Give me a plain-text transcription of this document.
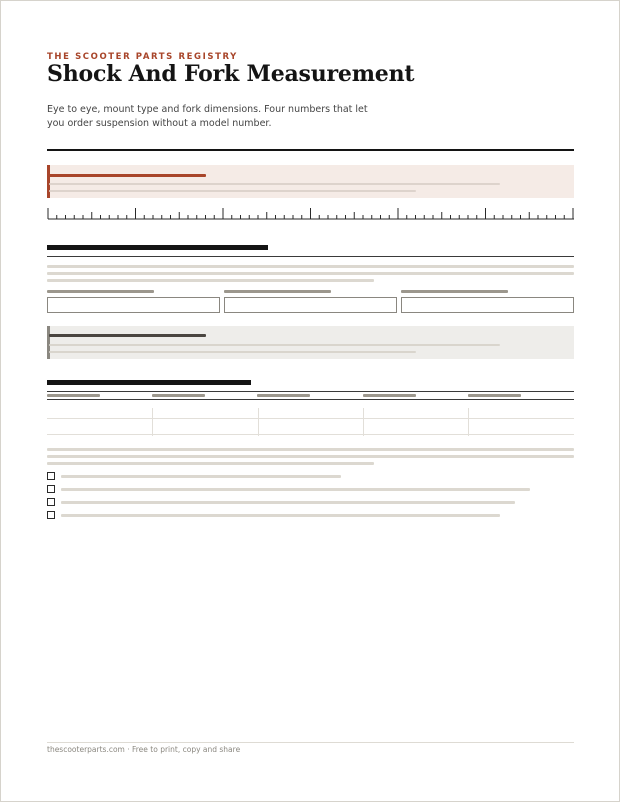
THE SCOOTER PARTS REGISTRY
Shock And Fork Measurement
Eye to eye, mount type and fork dimensions. Four numbers that let you order suspension without a model number.
thescooterparts.com · Free to print, copy and share
